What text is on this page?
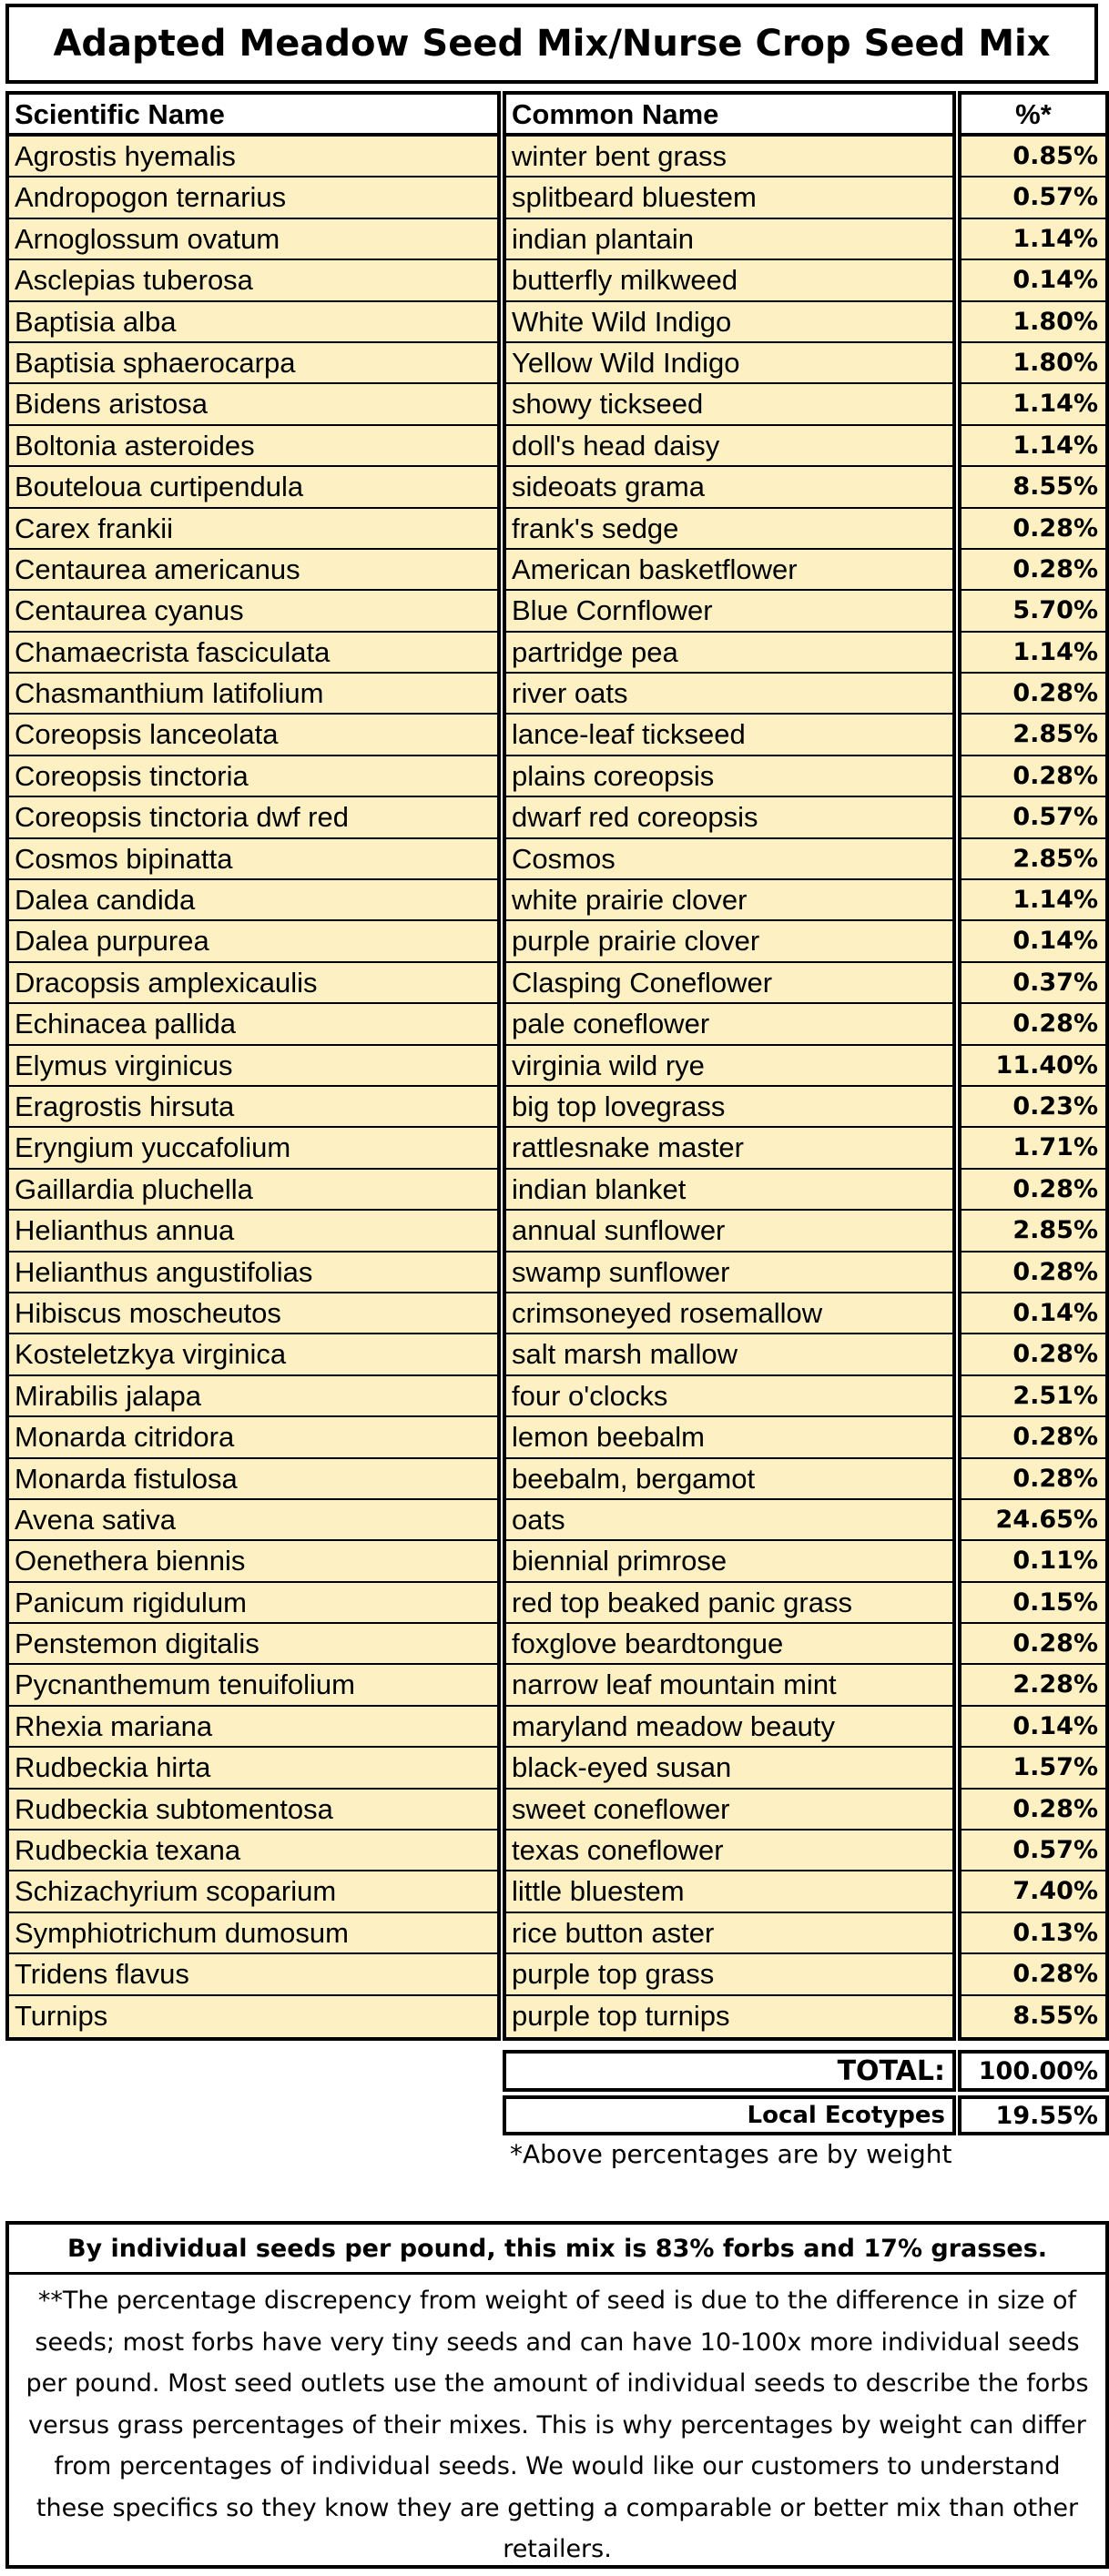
Adapted Meadow Seed Mix/Nurse Crop Seed Mix
Scientific Name
Agrostis hyemalis
Andropogon ternarius
Arnoglossum ovatum
Asclepias tuberosa
Baptisia alba
Baptisia sphaerocarpa
Bidens aristosa
Boltonia asteroides
Bouteloua curtipendula
Carex frankii
Centaurea americanus
Centaurea cyanus
Chamaecrista fasciculata
Chasmanthium latifolium
Coreopsis lanceolata
Coreopsis tinctoria
Coreopsis tinctoria dwf red
Cosmos bipinatta
Dalea candida
Dalea purpurea
Dracopsis amplexicaulis
Echinacea pallida
Elymus virginicus
Eragrostis hirsuta
Eryngium yuccafolium
Gaillardia pluchella
Helianthus annua
Helianthus angustifolias
Hibiscus moscheutos
Kosteletzkya virginica
Mirabilis jalapa
Monarda citridora
Monarda fistulosa
Avena sativa
Oenethera biennis
Panicum rigidulum
Penstemon digitalis
Pycnanthemum tenuifolium
Rhexia mariana
Rudbeckia hirta
Rudbeckia subtomentosa
Rudbeckia texana
Schizachyrium scoparium
Symphiotrichum dumosum
Tridens flavus
Turnips
Common Name
winter bent grass
splitbeard bluestem
indian plantain
butterfly milkweed
White Wild Indigo
Yellow Wild Indigo
showy tickseed
doll's head daisy
sideoats grama
frank's sedge
American basketflower
Blue Cornflower
partridge pea
river oats
lance-leaf tickseed
plains coreopsis
dwarf red coreopsis
Cosmos
white prairie clover
purple prairie clover
Clasping Coneflower
pale coneflower
virginia wild rye
big top lovegrass
rattlesnake master
indian blanket
annual sunflower
swamp sunflower
crimsoneyed rosemallow
salt marsh mallow
four o'clocks
lemon beebalm
beebalm, bergamot
oats
biennial primrose
red top beaked panic grass
foxglove beardtongue
narrow leaf mountain mint
maryland meadow beauty
black-eyed susan
sweet coneflower
texas coneflower
little bluestem
rice button aster
purple top grass
purple top turnips
%*
0.85%
0.57%
1.14%
0.14%
1.80%
1.80%
1.14%
1.14%
8.55%
0.28%
0.28%
5.70%
1.14%
0.28%
2.85%
0.28%
0.57%
2.85%
1.14%
0.14%
0.37%
0.28%
11.40%
0.23%
1.71%
0.28%
2.85%
0.28%
0.14%
0.28%
2.51%
0.28%
0.28%
24.65%
0.11%
0.15%
0.28%
2.28%
0.14%
1.57%
0.28%
0.57%
7.40%
0.13%
0.28%
8.55%
TOTAL:	100.00%
Local Ecotypes	19.55%
*Above percentages are by weight
By individual seeds per pound, this mix is 83% forbs and 17% grasses.
**The percentage discrepency from weight of seed is due to the difference in size of seeds; most forbs have very tiny seeds and can have 10-100x more individual seeds per pound. Most seed outlets use the amount of individual seeds to describe the forbs versus grass percentages of their mixes. This is why percentages by weight can differ from percentages of individual seeds. We would like our customers to understand these specifics so they know they are getting a comparable or better mix than other retailers.
